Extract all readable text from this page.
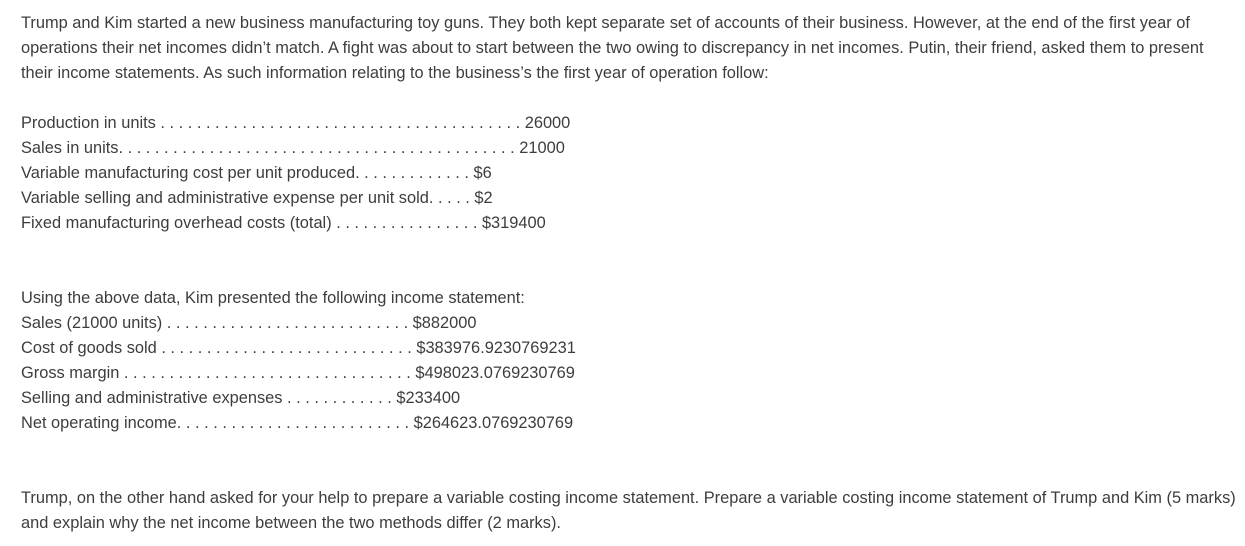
Trump and Kim started a new business manufacturing toy guns. They both kept separate set of accounts of their business. However, at the end of the first year of operations their net incomes didn’t match. A fight was about to start between the two owing to discrepancy in net incomes. Putin, their friend, asked them to present their income statements. As such information relating to the business’s the first year of operation follow:

Production in units . . . . . . . . . . . . . . . . . . . . . . . . . . . . . . . . . . . . . . . . 26000
Sales in units. . . . . . . . . . . . . . . . . . . . . . . . . . . . . . . . . . . . . . . . . . . . 21000
Variable manufacturing cost per unit produced. . . . . . . . . . . . . $6
Variable selling and administrative expense per unit sold. . . . . $2
Fixed manufacturing overhead costs (total) . . . . . . . . . . . . . . . . $319400
Using the above data, Kim presented the following income statement:
Sales (21000 units) . . . . . . . . . . . . . . . . . . . . . . . . . . . $882000
Cost of goods sold . . . . . . . . . . . . . . . . . . . . . . . . . . . . $383976.9230769231
Gross margin . . . . . . . . . . . . . . . . . . . . . . . . . . . . . . . . $498023.0769230769
Selling and administrative expenses . . . . . . . . . . . . $233400
Net operating income. . . . . . . . . . . . . . . . . . . . . . . . . . $264623.0769230769

Trump, on the other hand asked for your help to prepare a variable costing income statement. Prepare a variable costing income statement of Trump and Kim (5 marks) and explain why the net income between the two methods differ (2 marks).
